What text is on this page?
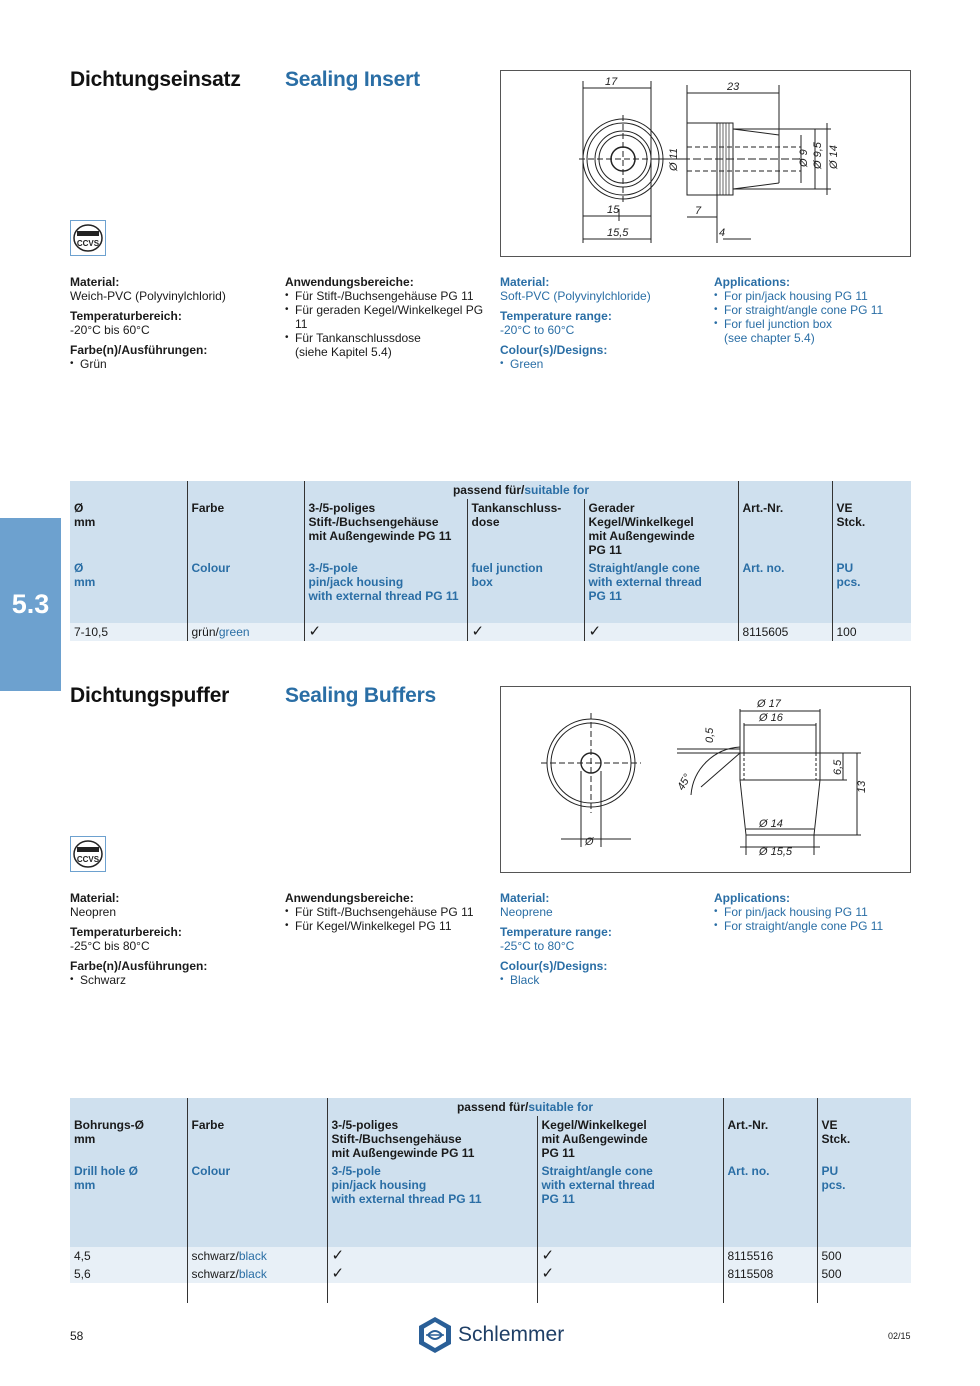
5.3
Dichtungseinsatz Sealing Insert	17	23
15
15,5
7
4
Ø 11	Ø 9 Ø 9,5 Ø 14
CCVS
Material:
Weich-PVC (Polyvinylchlorid)
Temperaturbereich:
-20°C bis 60°C
Farbe(n)/Ausführungen:
• Grün
Anwendungsbereiche:
• Für Stift-/Buchsengehäuse PG 11
• Für geraden Kegel/Winkelkegel PG 11
• Für Tankanschlussdose
(siehe Kapitel 5.4)
Material:
Soft-PVC (Polyvinylchloride)
Temperature range:
-20°C to 60°C
Colour(s)/Designs:
• Green
Applications:
• For pin/jack housing PG 11
• For straight/angle cone PG 11
• For fuel junction box
(see chapter 5.4)
		passend für/suitable for				
Ø
mm	Farbe	3-/5-poliges
Stift-/Buchsengehäuse
mit Außengewinde PG 11	Tankanschluss-
dose	Gerader Kegel/Winkelkegel
mit Außengewinde
PG 11	Art.-Nr.	VE
Stck.
Ø
mm	Colour	3-/5-pole
pin/jack housing
with external thread PG 11	fuel junction
box	Straight/angle cone
with external thread
PG 11	Art. no.	PU
pcs.
7-10,5	grün/green	✓	✓	✓	8115605	100
Dichtungspuffer	Sealing Buffers
Ø
Ø 17
Ø 16
Ø 14
Ø 15,5
0,5
45°
6,5
13
CCVS
Material:
Neopren
Temperaturbereich:
-25°C bis 80°C
Farbe(n)/Ausführungen:
• Schwarz
Anwendungsbereiche:
• Für Stift-/Buchsengehäuse PG 11
• Für Kegel/Winkelkegel PG 11
Material:
Neoprene
Temperature range:
-25°C to 80°C
Colour(s)/Designs:
• Black
Applications:
• For pin/jack housing PG 11
• For straight/angle cone PG 11
		passend für/suitable for			
Bohrungs-Ø
mm	Farbe	3-/5-poliges
Stift-/Buchsengehäuse
mit Außengewinde PG 11	Kegel/Winkelkegel
mit Außengewinde
PG 11	Art.-Nr.	VE
Stck.
Drill hole Ø
mm	Colour	3-/5-pole
pin/jack housing
with external thread PG 11	Straight/angle cone
with external thread
PG 11	Art. no.	PU
pcs.
4,5	schwarz/black	✓	✓	8115516	500
5,6	schwarz/black	✓	✓	8115508	500

58	Schlemmer	02/15
